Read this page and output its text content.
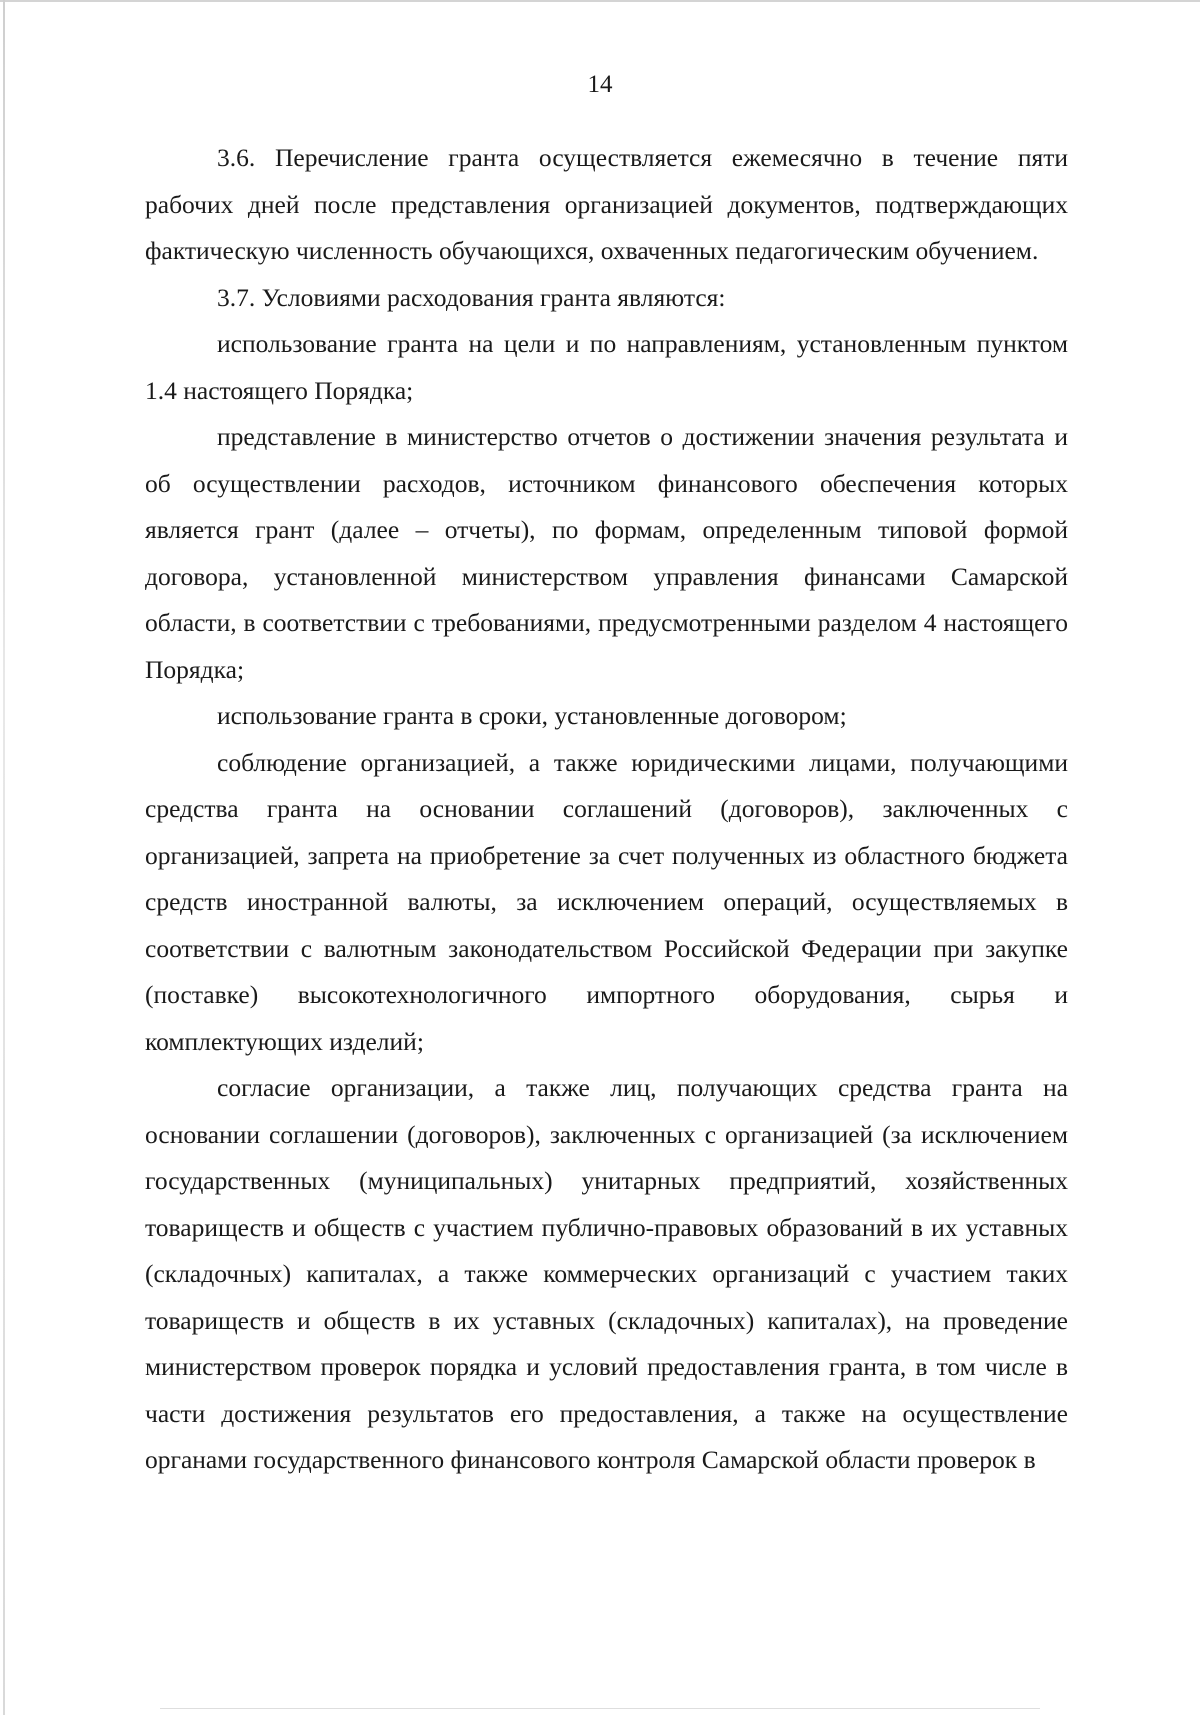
14

3.6. Перечисление гранта осуществляется ежемесячно в течение пяти рабочих дней после представления организацией документов, подтверждающих фактическую численность обучающихся, охваченных педагогическим обучением.

3.7. Условиями расходования гранта являются:

использование гранта на цели и по направлениям, установленным пунктом 1.4 настоящего Порядка;

представление в министерство отчетов о достижении значения результата и об осуществлении расходов, источником финансового обеспечения которых является грант (далее – отчеты), по формам, определенным типовой формой договора, установленной министерством управления финансами Самарской области, в соответствии с требованиями, предусмотренными разделом 4 настоящего Порядка;

использование гранта в сроки, установленные договором;

соблюдение организацией, а также юридическими лицами, получающими средства гранта на основании соглашений (договоров), заключенных с организацией, запрета на приобретение за счет полученных из областного бюджета средств иностранной валюты, за исключением операций, осуществляемых в соответствии с валютным законодательством Российской Федерации при закупке (поставке) высокотехнологичного импортного оборудования, сырья и комплектующих изделий;

согласие организации, а также лиц, получающих средства гранта на основании соглашении (договоров), заключенных с организацией (за исключением государственных (муниципальных) унитарных предприятий, хозяйственных товариществ и обществ с участием публично-правовых образований в их уставных (складочных) капиталах, а также коммерческих организаций с участием таких товариществ и обществ в их уставных (складочных) капиталах), на проведение министерством проверок порядка и условий предоставления гранта, в том числе в части достижения результатов его предоставления, а также на осуществление органами государственного финансового контроля Самарской области проверок в
